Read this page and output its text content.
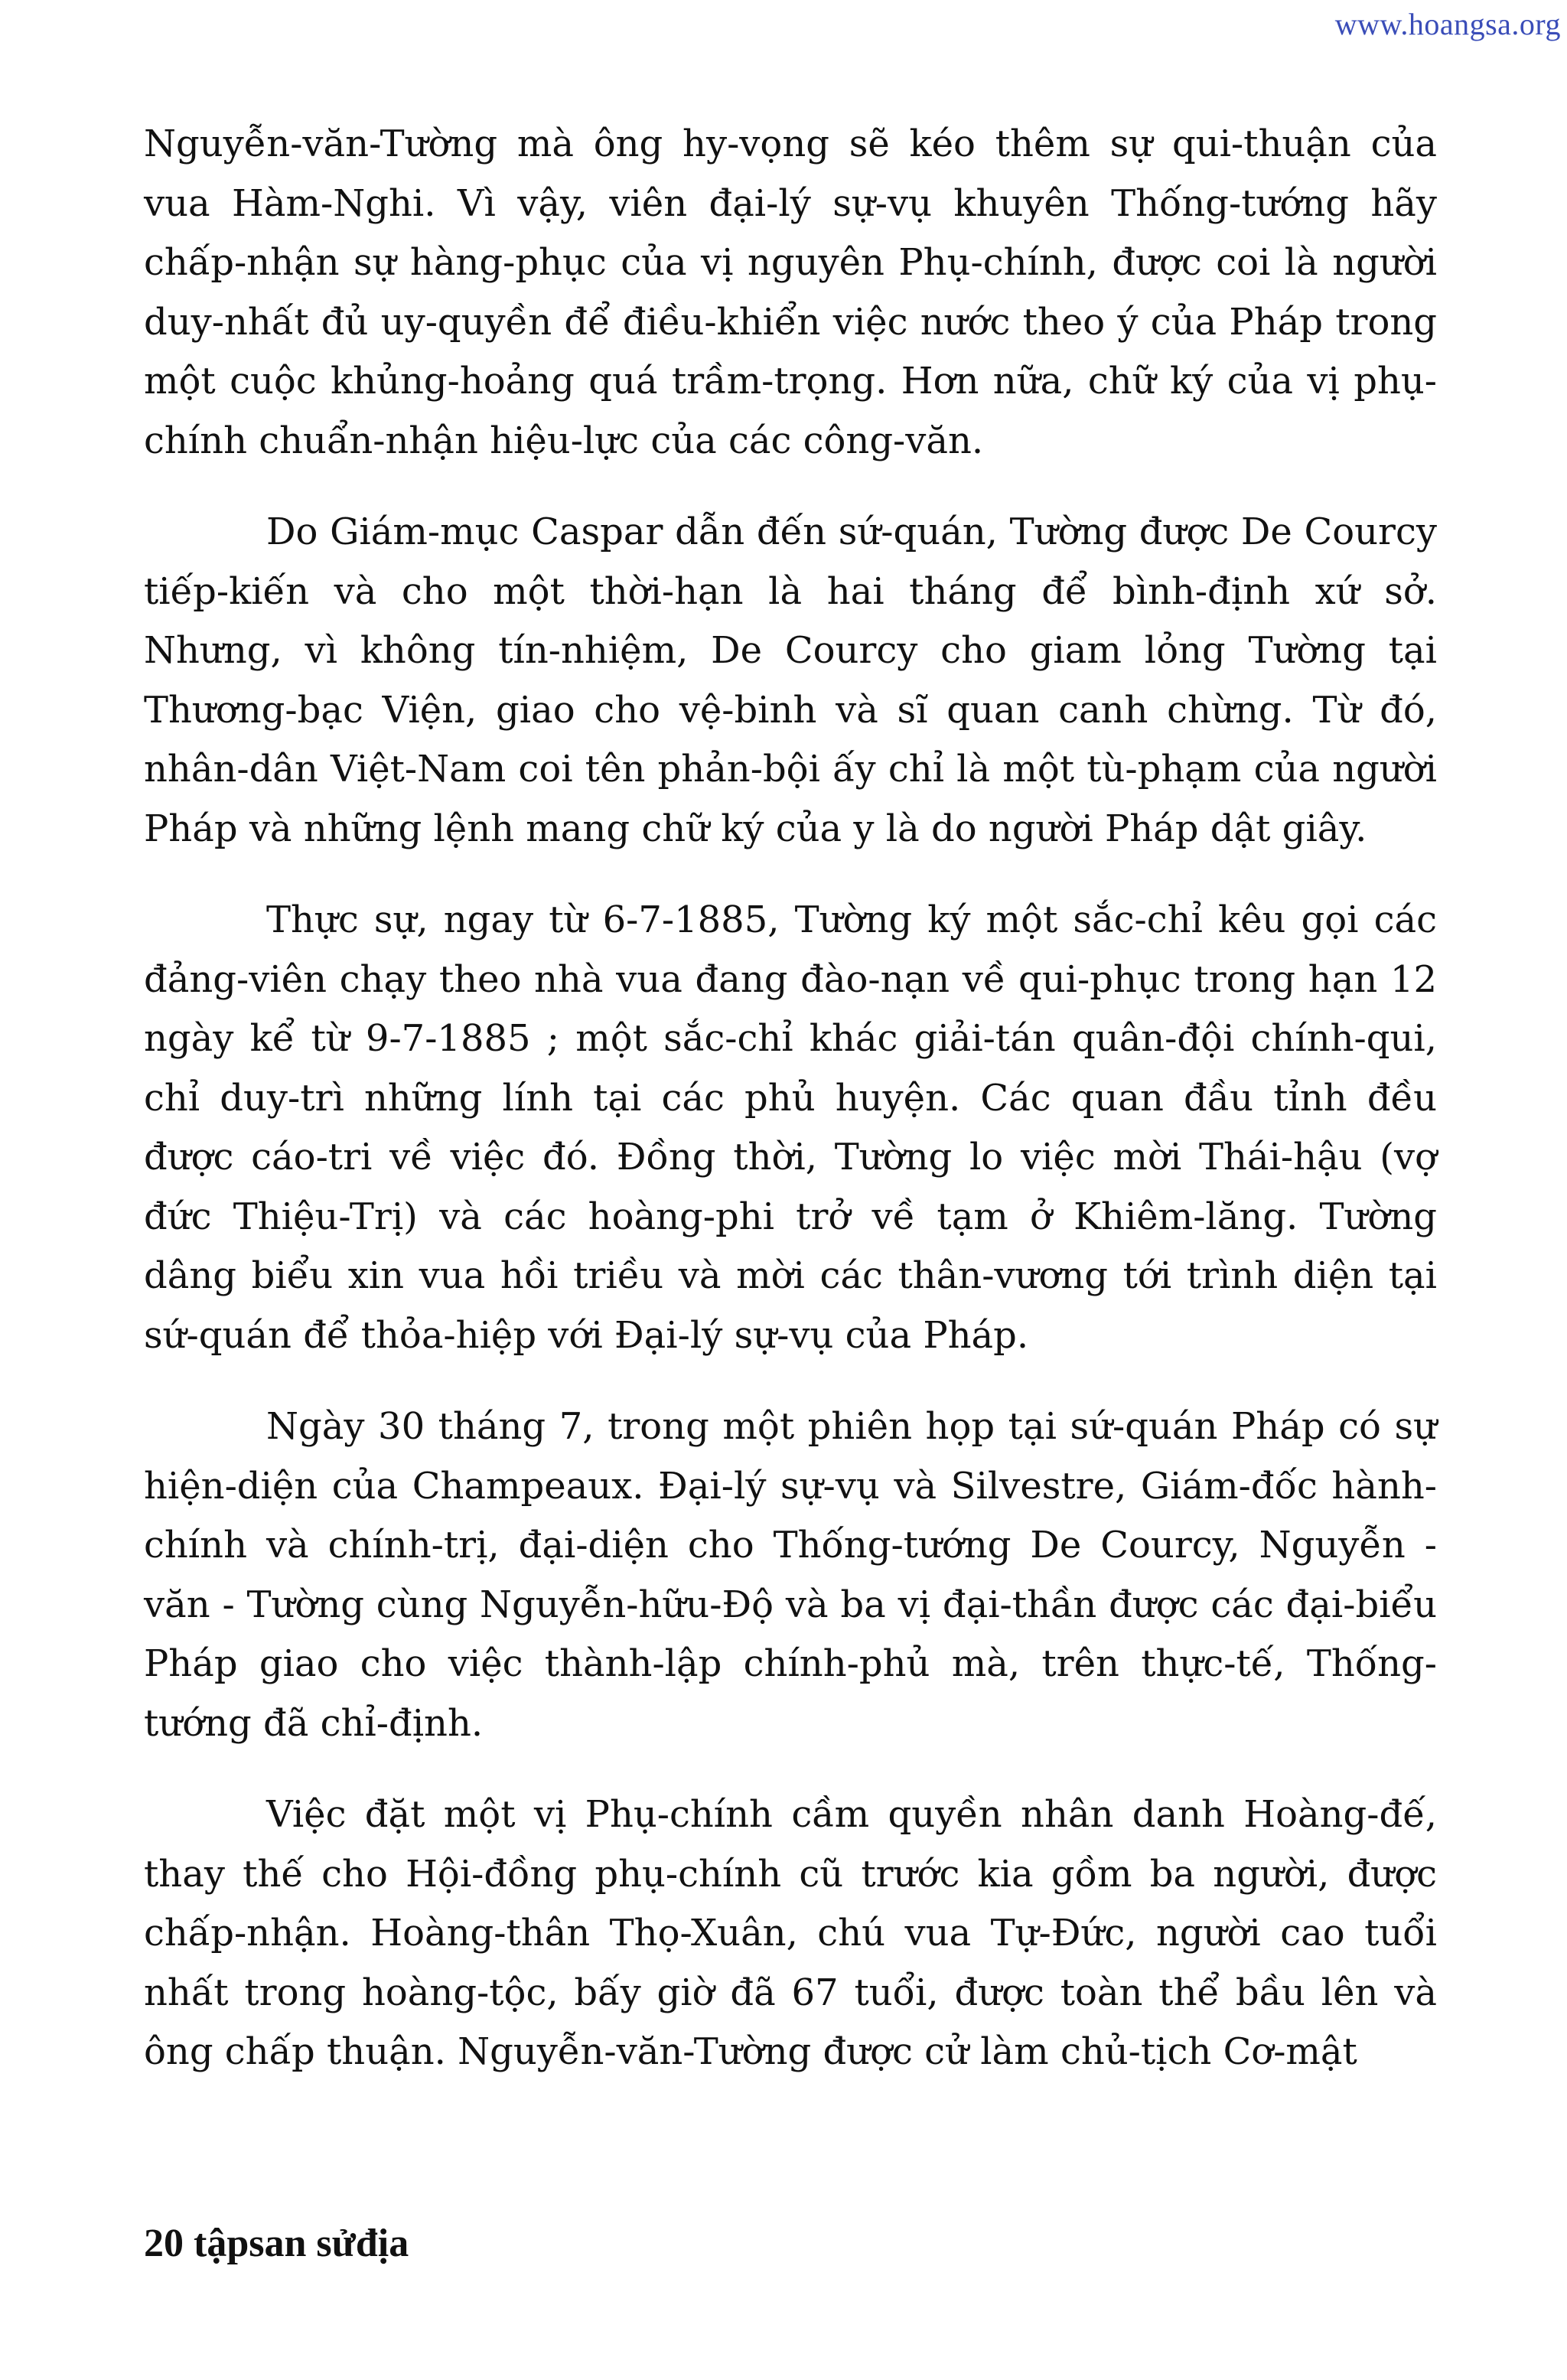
www.hoangsa.org

Nguyễn-văn-Tường mà ông hy-vọng sẽ kéo thêm sự qui-thuận của vua Hàm-Nghi. Vì vậy, viên đại-lý sự-vụ khuyên Thống-tướng hãy chấp-nhận sự hàng-phục của vị nguyên Phụ-chính, được coi là người duy-nhất đủ uy-quyền để điều-khiển việc nước theo ý của Pháp trong một cuộc khủng-hoảng quá trầm-trọng. Hơn nữa, chữ ký của vị phụ-chính chuẩn-nhận hiệu-lực của các công-văn.

Do Giám-mục Caspar dẫn đến sứ-quán, Tường được De Courcy tiếp-kiến và cho một thời-hạn là hai tháng để bình-định xứ sở. Nhưng, vì không tín-nhiệm, De Courcy cho giam lỏng Tường tại Thương-bạc Viện, giao cho vệ-binh và sĩ quan canh chừng. Từ đó, nhân-dân Việt-Nam coi tên phản-bội ấy chỉ là một tù-phạm của người Pháp và những lệnh mang chữ ký của y là do người Pháp dật giây.

Thực sự, ngay từ 6-7-1885, Tường ký một sắc-chỉ kêu gọi các đảng-viên chạy theo nhà vua đang đào-nạn về qui-phục trong hạn 12 ngày kể từ 9-7-1885 ; một sắc-chỉ khác giải-tán quân-đội chính-qui, chỉ duy-trì những lính tại các phủ huyện. Các quan đầu tỉnh đều được cáo-tri về việc đó. Đồng thời, Tường lo việc mời Thái-hậu (vợ đức Thiệu-Trị) và các hoàng-phi trở về tạm ở Khiêm-lăng. Tường dâng biểu xin vua hồi triều và mời các thân-vương tới trình diện tại sứ-quán để thỏa-hiệp với Đại-lý sự-vụ của Pháp.

Ngày 30 tháng 7, trong một phiên họp tại sứ-quán Pháp có sự hiện-diện của Champeaux. Đại-lý sự-vụ và Silvestre, Giám-đốc hành-chính và chính-trị, đại-diện cho Thống-tướng De Courcy, Nguyễn - văn - Tường cùng Nguyễn-hữu-Độ và ba vị đại-thần được các đại-biểu Pháp giao cho việc thành-lập chính-phủ mà, trên thực-tế, Thống-tướng đã chỉ-định.

Việc đặt một vị Phụ-chính cầm quyền nhân danh Hoàng-đế, thay thế cho Hội-đồng phụ-chính cũ trước kia gồm ba người, được chấp-nhận. Hoàng-thân Thọ-Xuân, chú vua Tự-Đức, người cao tuổi nhất trong hoàng-tộc, bấy giờ đã 67 tuổi, được toàn thể bầu lên và ông chấp thuận. Nguyễn-văn-Tường được cử làm chủ-tịch Cơ-mật

20 tậpsan sửđịa
